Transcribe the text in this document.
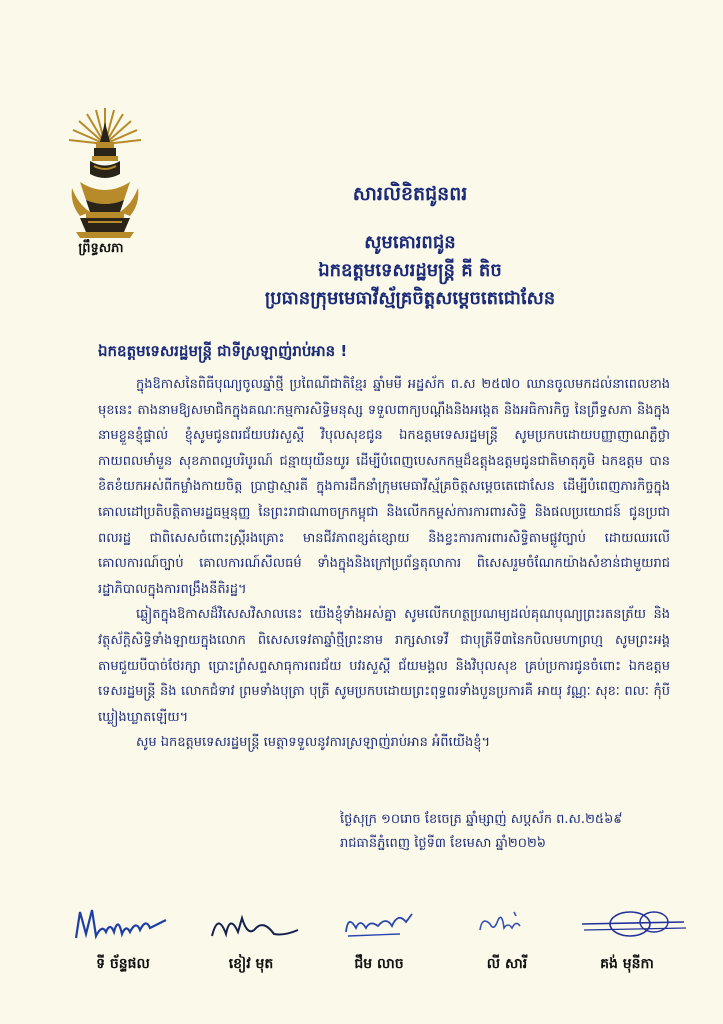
ព្រឹទ្ធសភា
សារលិខិតជូនពរ
សូមគោរពជូន
ឯកឧត្តមទេសរដ្ឋមន្ត្រី គី តិច
ប្រធានក្រុមមេធាវីស្ម័គ្រចិត្តសម្តេចតេជោសែន
ឯកឧត្តមទេសរដ្ឋមន្ត្រី ជាទីស្រឡាញ់រាប់អាន !

ក្នុងឱកាសនៃពិធីបុណ្យចូលឆ្នាំថ្មី ប្រពៃណីជាតិខ្មែរ ឆ្នាំមមី អដ្ឋស័ក ព.ស ២៥៧០ ឈានចូលមកដល់នាពេលខាងមុខនេះ តាងនាមឱ្យសមាជិកក្នុងគណៈកម្មការសិទ្ធិមនុស្ស ទទួលពាក្យបណ្តឹងនិងអង្កេត និងអធិការកិច្ច នៃព្រឹទ្ធសភា និងក្នុងនាមខ្លួនខ្ញុំផ្ទាល់ ខ្ញុំសូមជូនពរជ័យបវរសួស្តី វិបុលសុខជូន ឯកឧត្តមទេសរដ្ឋមន្ត្រី សូមប្រកបដោយបញ្ញាញាណភ្លឺថ្លា កាយពលមាំមួន សុខភាពល្អបរិបូរណ៍ ជន្មាយុយឺនយូរ ដើម្បីបំពេញបេសកកម្មដ៏ឧត្តុងឧត្តមជូនជាតិមាតុភូមិ ឯកឧត្តម បានខិតខំយកអស់ពីកម្លាំងកាយចិត្ត ប្រាជ្ញាស្មារតី ក្នុងការដឹកនាំក្រុមមេធាវីស្ម័គ្រចិត្តសម្តេចតេជោសែន ដើម្បីបំពេញភារកិច្ចក្នុងគោលដៅប្រតិបត្តិតាមរដ្ឋធម្មនុញ្ញ នៃព្រះរាជាណាចក្រកម្ពុជា និងលើកកម្ពស់ការការពារសិទ្ធិ និងផលប្រយោជន៍ ជូនប្រជាពលរដ្ឋ ជាពិសេសចំពោះស្ត្រីរងគ្រោះ មានជីវភាពខ្សត់ខ្សោយ និងខ្វះការការពារសិទ្ធិតាមផ្លូវច្បាប់ ដោយឈរលើគោលការណ៍ច្បាប់ គោលការណ៍សីលធម៌ ទាំងក្នុងនិងក្រៅប្រព័ន្ធតុលាការ ពិសេសរួមចំណែកយ៉ាងសំខាន់ជាមួយរាជរដ្ឋាភិបាលក្នុងការពង្រឹងនីតិរដ្ឋ។

ឆ្លៀតក្នុងឱកាសដ៏វិសេសវិសាលនេះ យើងខ្ញុំទាំងអស់គ្នា សូមលើកហត្ថប្រណម្យដល់គុណបុណ្យព្រះរតនត្រ័យ និងវត្ថុស័ក្តិសិទ្ធិទាំងឡាយក្នុងលោក ពិសេសទេវតាឆ្នាំថ្មីព្រះនាម រាក្សសាទេវី ជាបុត្រីទី៣នៃកបិលមហាព្រហ្ម សូមព្រះអង្គតាមជួយបីបាច់ថែរក្សា ប្រោះព្រំសព្ទសាធុការពរជ័យ បវរសួស្តី ជ័យមង្គល និងវិបុលសុខ គ្រប់ប្រការជូនចំពោះ ឯកឧត្តមទេសរដ្ឋមន្ត្រី និង លោកជំទាវ ព្រមទាំងបុត្រា បុត្រី សូមប្រកបដោយព្រះពុទ្ធពរទាំងបួនប្រការគឺ អាយុ វណ្ណៈ សុខៈ ពលៈ កុំបីឃ្លៀងឃ្លាតឡើយ។

សូម ឯកឧត្តមទេសរដ្ឋមន្ត្រី មេត្តាទទួលនូវការស្រឡាញ់រាប់អាន អំពីយើងខ្ញុំ។

ថ្ងៃសុក្រ ១០រោច ខែចេត្រ ឆ្នាំម្សាញ់ សប្តស័ក ព.ស.២៥៦៩
រាជធានីភ្នំពេញ ថ្ងៃទី៣ ខែមេសា ឆ្នាំ២០២៦
ទី ច័ន្ទផល	ខៀវ មុត	ជឹម លាច	លី សារី	គង់ មុនីកា
